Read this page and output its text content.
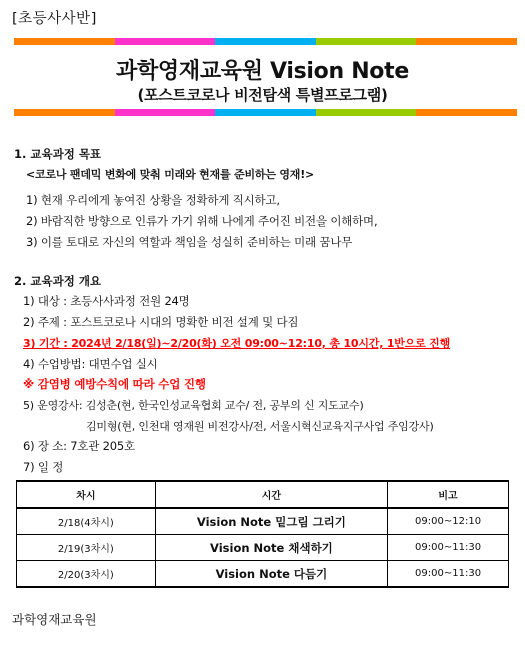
[초등사사반]
과학영재교육원 Vision Note
(포스트코로나 비전탐색 특별프로그램)
1. 교육과정 목표
<코로나 팬데믹 변화에 맞춰 미래와 현재를 준비하는 영재!>
1) 현재 우리에게 놓여진 상황을 정확하게 직시하고,
2) 바람직한 방향으로 인류가 가기 위해 나에게 주어진 비전을 이해하며,
3) 이를 토대로 자신의 역할과 책임을 성실히 준비하는 미래 꿈나무
2. 교육과정 개요
1) 대상 : 초등사사과정 전원 24명
2) 주제 : 포스트코로나 시대의 명확한 비전 설계 및 다짐
3) 기간 : 2024년 2/18(일)~2/20(화) 오전 09:00~12:10, 총 10시간, 1반으로 진행
4) 수업방법: 대면수업 실시
※ 감염병 예방수칙에 따라 수업 진행
5) 운영강사: 김성춘(현, 한국인성교육협회 교수/ 전, 공부의 신 지도교수)
김미형(현, 인천대 영재원 비전강사/전, 서울시혁신교육지구사업 주임강사)
6) 장 소: 7호관 205호
7) 일 정
차시	시간	비고
2/18(4차시)	Vision Note 밑그림 그리기	09:00~12:10
2/19(3차시)	Vision Note 채색하기	09:00~11:30
2/20(3차시)	Vision Note 다듬기	09:00~11:30
과학영재교육원
